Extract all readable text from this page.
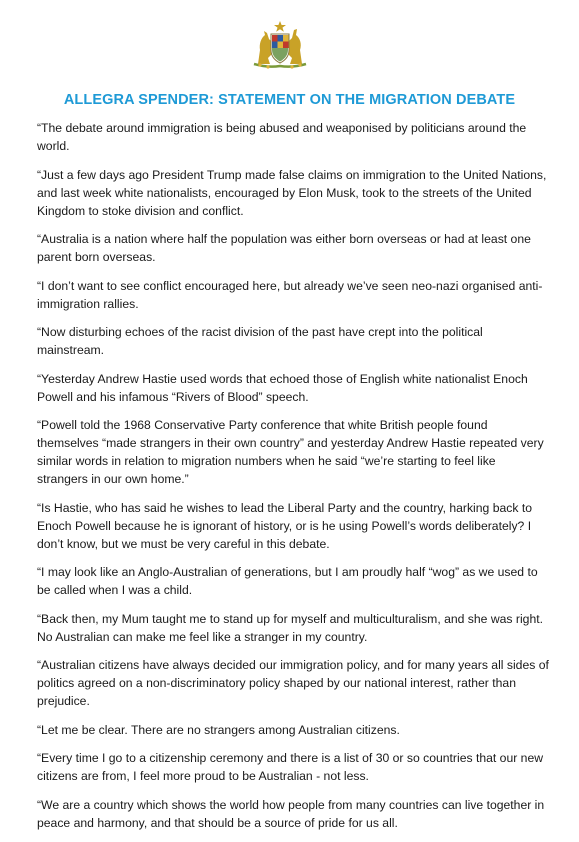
ALLEGRA SPENDER: STATEMENT ON THE MIGRATION DEBATE

“The debate around immigration is being abused and weaponised by politicians around the world.

“Just a few days ago President Trump made false claims on immigration to the United Nations, and last week white nationalists, encouraged by Elon Musk, took to the streets of the United Kingdom to stoke division and conflict.

“Australia is a nation where half the population was either born overseas or had at least one parent born overseas.

“I don’t want to see conflict encouraged here, but already we’ve seen neo-nazi organised anti-immigration rallies.

“Now disturbing echoes of the racist division of the past have crept into the political mainstream.

“Yesterday Andrew Hastie used words that echoed those of English white nationalist Enoch Powell and his infamous “Rivers of Blood” speech.

“Powell told the 1968 Conservative Party conference that white British people found themselves “made strangers in their own country” and yesterday Andrew Hastie repeated very similar words in relation to migration numbers when he said “we’re starting to feel like strangers in our own home.”

“Is Hastie, who has said he wishes to lead the Liberal Party and the country, harking back to Enoch Powell because he is ignorant of history, or is he using Powell’s words deliberately? I don’t know, but we must be very careful in this debate.

“I may look like an Anglo-Australian of generations, but I am proudly half “wog” as we used to be called when I was a child.

“Back then, my Mum taught me to stand up for myself and multiculturalism, and she was right. No Australian can make me feel like a stranger in my country.

“Australian citizens have always decided our immigration policy, and for many years all sides of politics agreed on a non-discriminatory policy shaped by our national interest, rather than prejudice.

“Let me be clear. There are no strangers among Australian citizens.

“Every time I go to a citizenship ceremony and there is a list of 30 or so countries that our new citizens are from, I feel more proud to be Australian - not less.

“We are a country which shows the world how people from many countries can live together in peace and harmony, and that should be a source of pride for us all.
